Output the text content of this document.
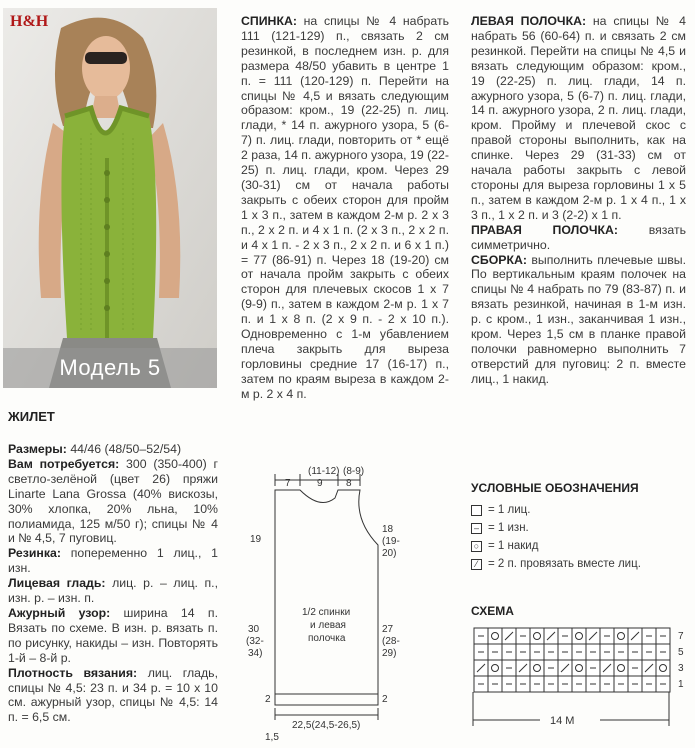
H&H
Модель 5
ЖИЛЕТ

Размеры: 44/46 (48/50–52/54)

Вам потребуется: 300 (350-400) г светло-зелёной (цвет 26) пряжи Linarte Lana Grossa (40% вискозы, 30% хлопка, 20% льна, 10% полиамида, 125 м/50 г); спицы № 4 и № 4,5, 7 пуговиц.

Резинка: попеременно 1 лиц., 1 изн.

Лицевая гладь: лиц. р. – лиц. п., изн. р. – изн. п.

Ажурный узор: ширина 14 п. Вязать по схеме. В изн. р. вязать п. по рисунку, накиды – изн. Повторять 1-й – 8-й р.

Плотность вязания: лиц. гладь, спицы № 4,5: 23 п. и 34 р. = 10 х 10 см. ажурный узор, спицы № 4,5: 14 п. = 6,5 см.

СПИНКА: на спицы № 4 набрать 111 (121-129) п., связать 2 см резинкой, в последнем изн. р. для размера 48/50 убавить в центре 1 п. = 111 (120-129) п. Перейти на спицы № 4,5 и вязать следующим образом: кром., 19 (22-25) п. лиц. глади, * 14 п. ажурного узора, 5 (6-7) п. лиц. глади, повторить от * ещё 2 раза, 14 п. ажурного узора, 19 (22-25) п. лиц. глади, кром. Через 29 (30-31) см от начала работы закрыть с обеих сторон для пройм 1 х 3 п., затем в каждом 2-м р. 2 х 3 п., 2 х 2 п. и 4 х 1 п. (2 х 3 п., 2 х 2 п. и 4 х 1 п. - 2 х 3 п., 2 х 2 п. и 6 х 1 п.) = 77 (86-91) п. Через 18 (19-20) см от начала пройм закрыть с обеих сторон для плечевых скосов 1 х 7 (9-9) п., затем в каждом 2-м р. 1 х 7 п. и 1 х 8 п. (2 х 9 п. - 2 х 10 п.). Одновременно с 1-м убавлением плеча закрыть для выреза горловины средние 17 (16-17) п., затем по краям выреза в каждом 2-м р. 2 х 4 п.

ЛЕВАЯ ПОЛОЧКА: на спицы № 4 набрать 56 (60-64) п. и связать 2 см резинкой. Перейти на спицы № 4,5 и вязать следующим образом: кром., 19 (22-25) п. лиц. глади, 14 п. ажурного узора, 5 (6-7) п. лиц. глади, 14 п. ажурного узора, 2 п. лиц. глади, кром. Пройму и плечевой скос с правой стороны выполнить, как на спинке. Через 29 (31-33) см от начала работы закрыть с левой стороны для выреза горловины 1 х 5 п., затем в каждом 2-м р. 1 х 4 п., 1 х 3 п., 1 х 2 п. и 3 (2-2) х 1 п.

ПРАВАЯ ПОЛОЧКА: вязать симметрично.

СБОРКА: выполнить плечевые швы. По вертикальным краям полочек на спицы № 4 набрать по 79 (83-87) п. и вязать резинкой, начиная в 1-м изн. р. с кром., 1 изн., заканчивая 1 изн., кром. Через 1,5 см в планке правой полочки равномерно выполнить 7 отверстий для пуговиц: 2 п. вместе лиц., 1 накид.

7
(11-12)
9
(8-9)
8
19
18
(19-
20)
30
(32-
34)
27
(28-
29)
2	2
1/2 спинки
и левая
полочка
22,5(24,5-26,5)
1,5
УСЛОВНЫЕ ОБОЗНАЧЕНИЯ
= 1 лиц.
– = 1 изн.
○ = 1 накид
⁄ = 2 п. провязать вместе лиц.
СХЕМА
7
5
3
1
14 М
